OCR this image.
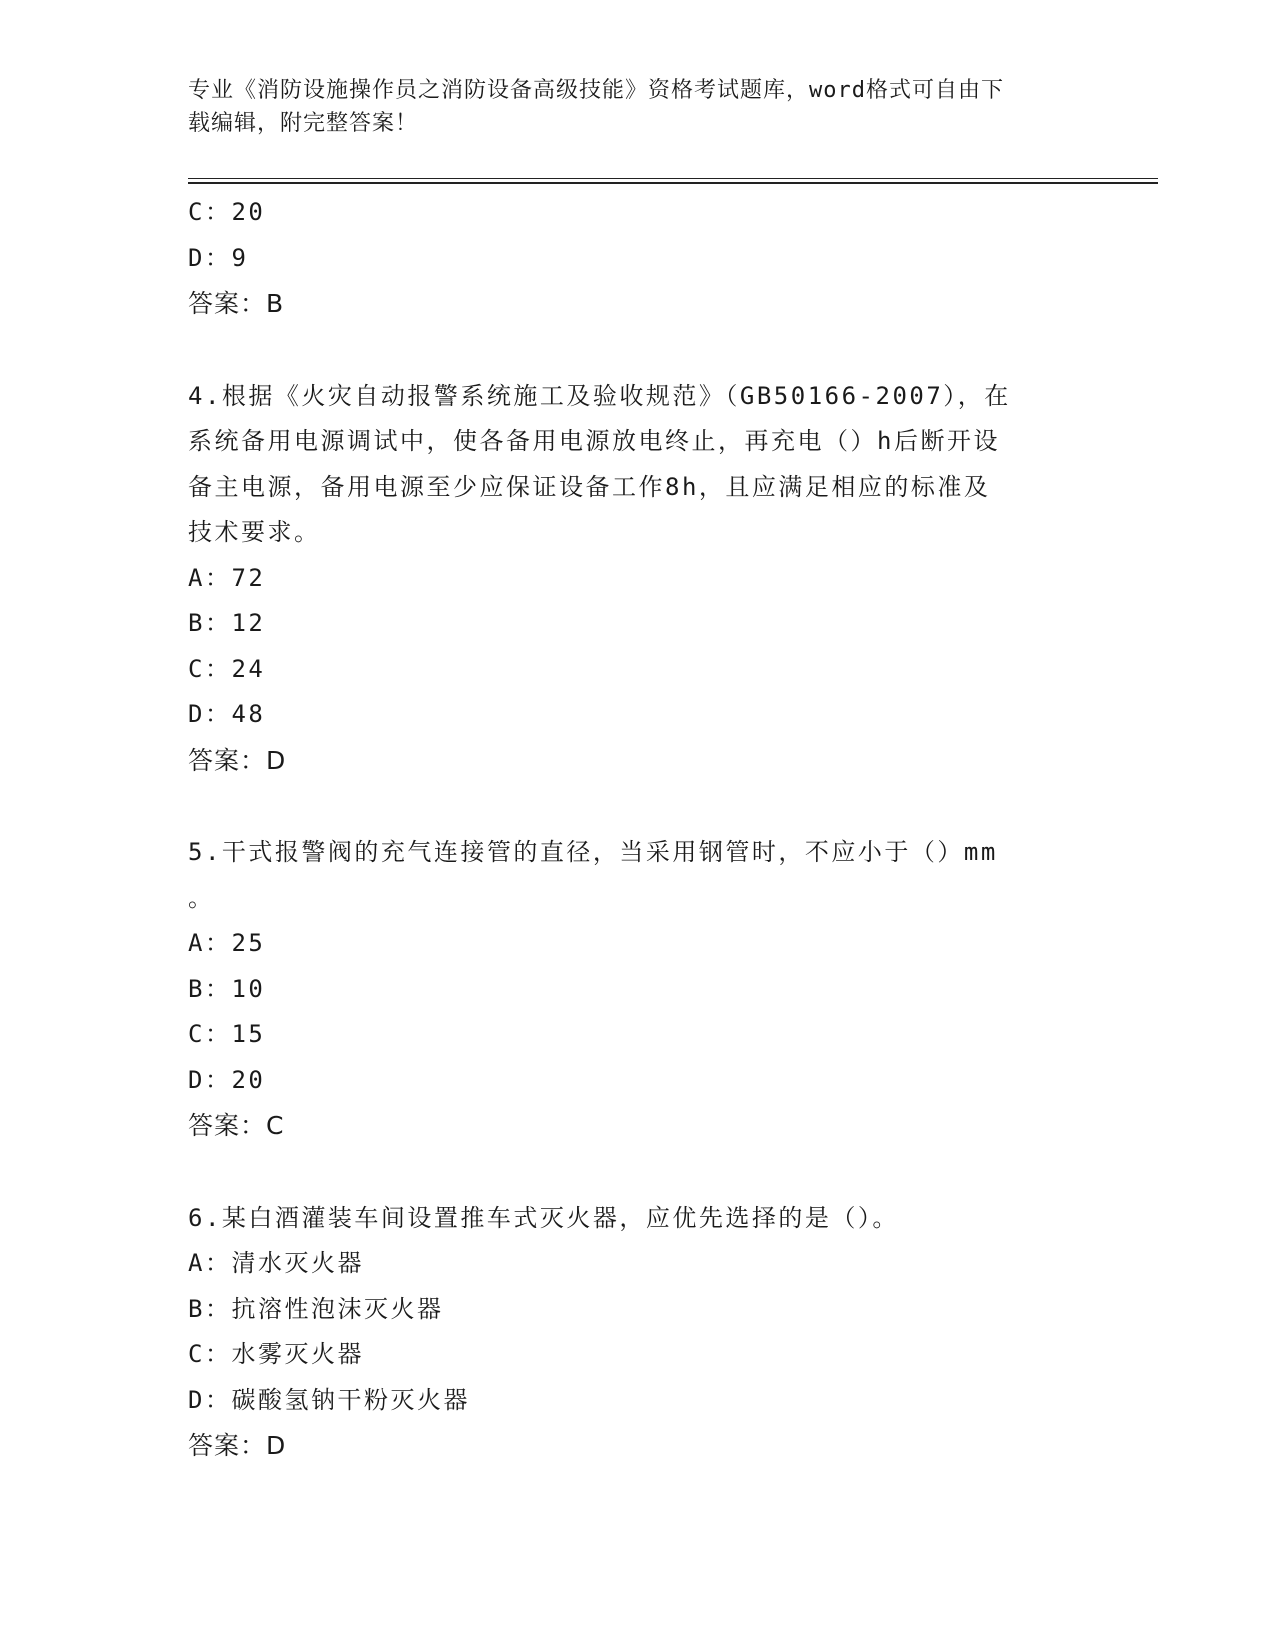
专业《消防设施操作员之消防设备高级技能》资格考试题库，word格式可自由下
载编辑，附完整答案！
C：20
D：9
答案：B
4.根据《火灾自动报警系统施工及验收规范》（GB50166-2007），在
系统备用电源调试中，使各备用电源放电终止，再充电（）h后断开设
备主电源，备用电源至少应保证设备工作8h，且应满足相应的标准及
技术要求。
A：72
B：12
C：24
D：48
答案：D
5.干式报警阀的充气连接管的直径，当采用钢管时，不应小于（）mm
。
A：25
B：10
C：15
D：20
答案：C
6.某白酒灌装车间设置推车式灭火器，应优先选择的是（）。
A：清水灭火器
B：抗溶性泡沫灭火器
C：水雾灭火器
D：碳酸氢钠干粉灭火器
答案：D
